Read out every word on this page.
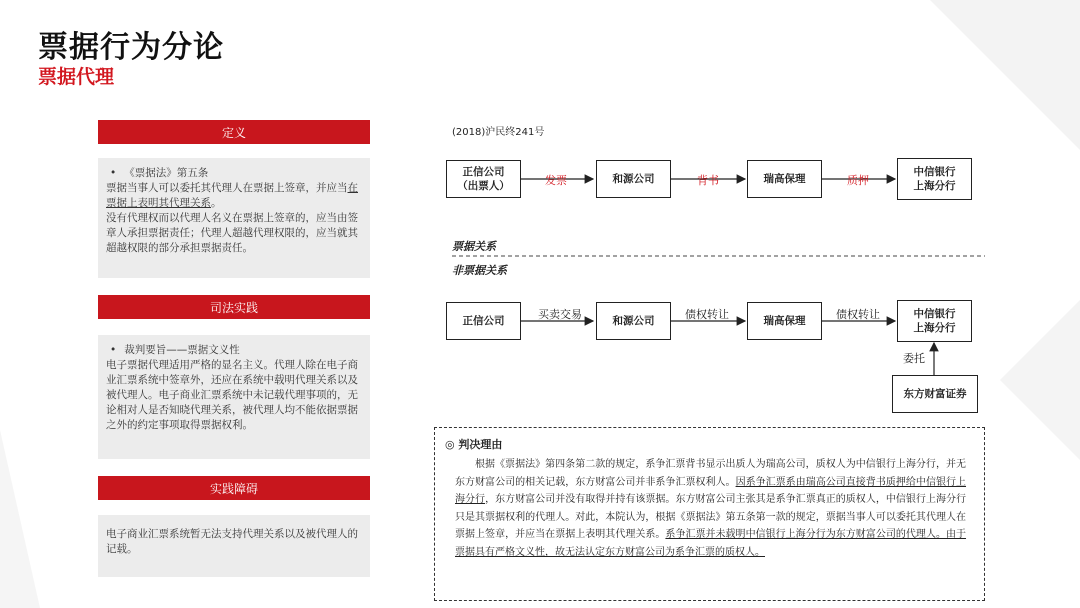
票据行为分论
票据代理
定义

• 《票据法》第五条

票据当事人可以委托其代理人在票据上签章，并应当在票据上表明其代理关系。

没有代理权而以代理人名义在票据上签章的，应当由签章人承担票据责任；代理人超越代理权限的，应当就其超越权限的部分承担票据责任。

司法实践

• 裁判要旨——票据文义性

电子票据代理适用严格的显名主义。代理人除在电子商业汇票系统中签章外，还应在系统中载明代理关系以及被代理人。电子商业汇票系统中未记载代理事项的，无论相对人是否知晓代理关系，被代理人均不能依据票据之外的约定事项取得票据权利。

实践障碍

电子商业汇票系统暂无法支持代理关系以及被代理人的记载。

(2018)沪民终241号
正信公司
（出票人）
和源公司	瑞高保理
中信银行
上海分行
发票	背书	质押
票据关系
非票据关系
正信公司	和源公司	瑞高保理
中信银行
上海分行
买卖交易	债权转让	债权转让
委托
东方财富证券
◎ 判决理由
根据《票据法》第四条第二款的规定，系争汇票背书显示出质人为瑞高公司，质权人为中信银行上海分行，并无东方财富公司的相关记载，东方财富公司并非系争汇票权利人。因系争汇票系由瑞高公司直接背书质押给中信银行上海分行，东方财富公司并没有取得并持有该票据。东方财富公司主张其是系争汇票真正的质权人，中信银行上海分行只是其票据权利的代理人。对此，本院认为，根据《票据法》第五条第一款的规定，票据当事人可以委托其代理人在票据上签章，并应当在票据上表明其代理关系。系争汇票并未载明中信银行上海分行为东方财富公司的代理人。由于票据具有严格文义性，故无法认定东方财富公司为系争汇票的质权人。
